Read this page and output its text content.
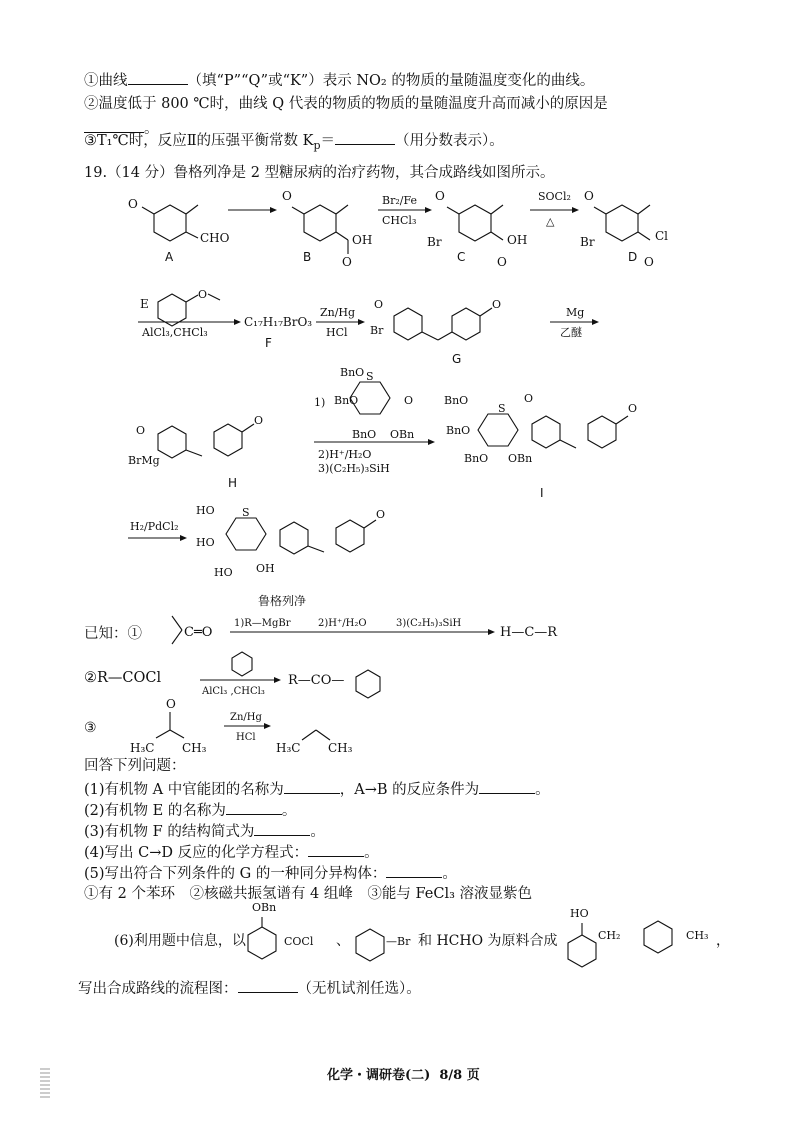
①曲线	（填“P”“Q”或“K”）表示 NO₂ 的物质的量随温度变化的曲线。
②温度低于 800 ℃时，曲线 Q 代表的物质的物质的量随温度升高而减小的原因是
。
③T₁℃时，反应Ⅱ的压强平衡常数 $K_p=$	（用分数表示）。
19.（14 分）鲁格列净是 2 型糖尿病的治疗药物，其合成路线如图所示。
O
CHO
O
OH
O
Br₂/Fe
CHCl₃
O
Br	OH
O
SOCl₂
△
O
Br	Cl
O
A	B	C	D
E
O
AlCl₃,CHCl₃
C₁₇H₁₇BrO₃
Zn/Hg
HCl
O
Br
O
Mg
乙醚
F
G
O
BrMg
O
1)
S
O
BnO
BnO OBn
BnO
2)H⁺/H₂O
3)(C₂H₅)₃SiH
S
BnO
BnO
BnO OBn
O
O
H
I
H₂/PdCl₂
S
HO
HO
HO OH
O
鲁格列净
已知：①	C═O
1)R—MgBr	2)H⁺/H₂O	3)(C₂H₅)₃SiH
H—C—R
②R—COCl
AlCl₃ ,CHCl₃
R—CO—
③
O
H₃C CH₃
Zn/Hg
HCl
H₃C CH₃
回答下列问题：
(1)有机物 A 中官能团的名称为	，A→B 的反应条件为	。
(2)有机物 E 的名称为	。
(3)有机物 F 的结构简式为	。
(4)写出 C→D 反应的化学方程式：	。
(5)写出符合下列条件的 G 的一种同分异构体：	。
①有 2 个苯环　②核磁共振氢谱有 4 组峰　③能与 FeCl₃ 溶液显紫色
(6)利用题中信息，以
OBn
COCl 、	—Br 和 HCHO 为原料合成
HO
CH₂	CH₃ ，
写出合成路线的流程图：	（无机试剂任选）。
化学・调研卷(二) 8/8 页
